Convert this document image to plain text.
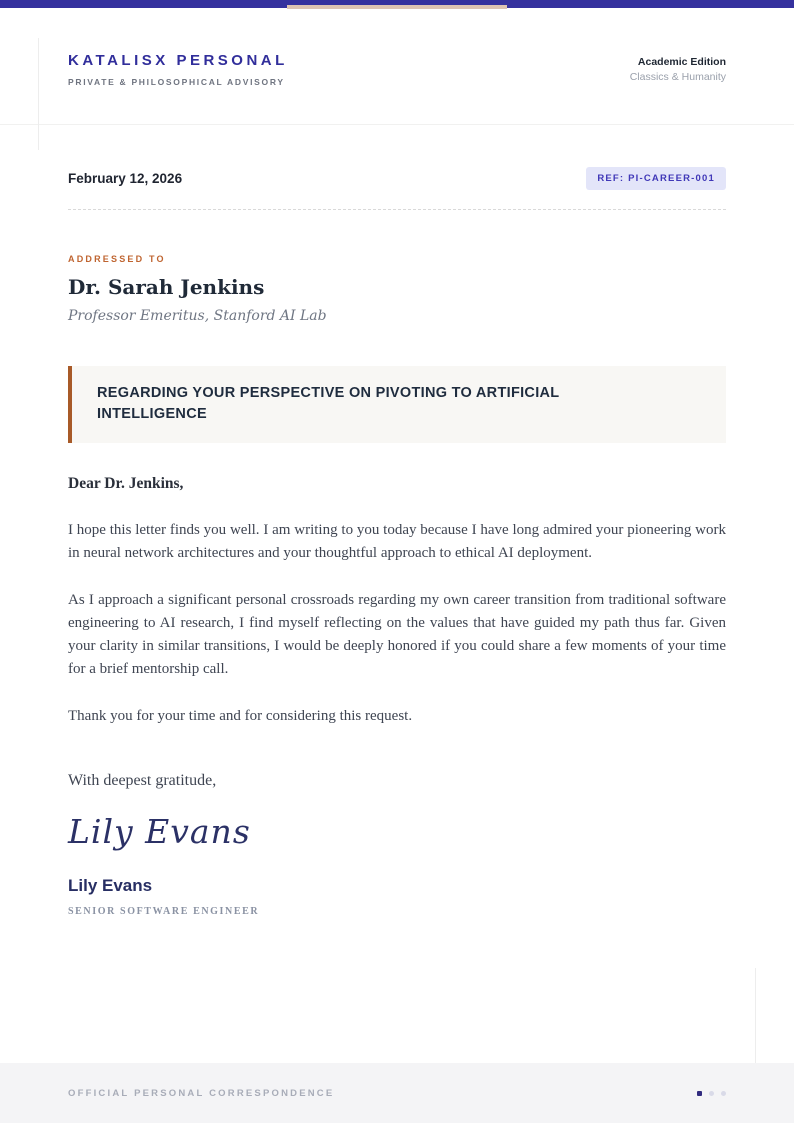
KATALISX PERSONAL
PRIVATE & PHILOSOPHICAL ADVISORY
Academic Edition
Classics & Humanity
February 12, 2026	REF: PI-CAREER-001
ADDRESSED TO
Dr. Sarah Jenkins
Professor Emeritus, Stanford AI Lab
REGARDING YOUR PERSPECTIVE ON PIVOTING TO ARTIFICIAL INTELLIGENCE
Dear Dr. Jenkins,

I hope this letter finds you well. I am writing to you today because I have long admired your pioneering work in neural network architectures and your thoughtful approach to ethical AI deployment.

As I approach a significant personal crossroads regarding my own career transition from traditional software engineering to AI research, I find myself reflecting on the values that have guided my path thus far. Given your clarity in similar transitions, I would be deeply honored if you could share a few moments of your time for a brief mentorship call.

Thank you for your time and for considering this request.

With deepest gratitude,
Lily Evans
Lily Evans
SENIOR SOFTWARE ENGINEER
OFFICIAL PERSONAL CORRESPONDENCE
